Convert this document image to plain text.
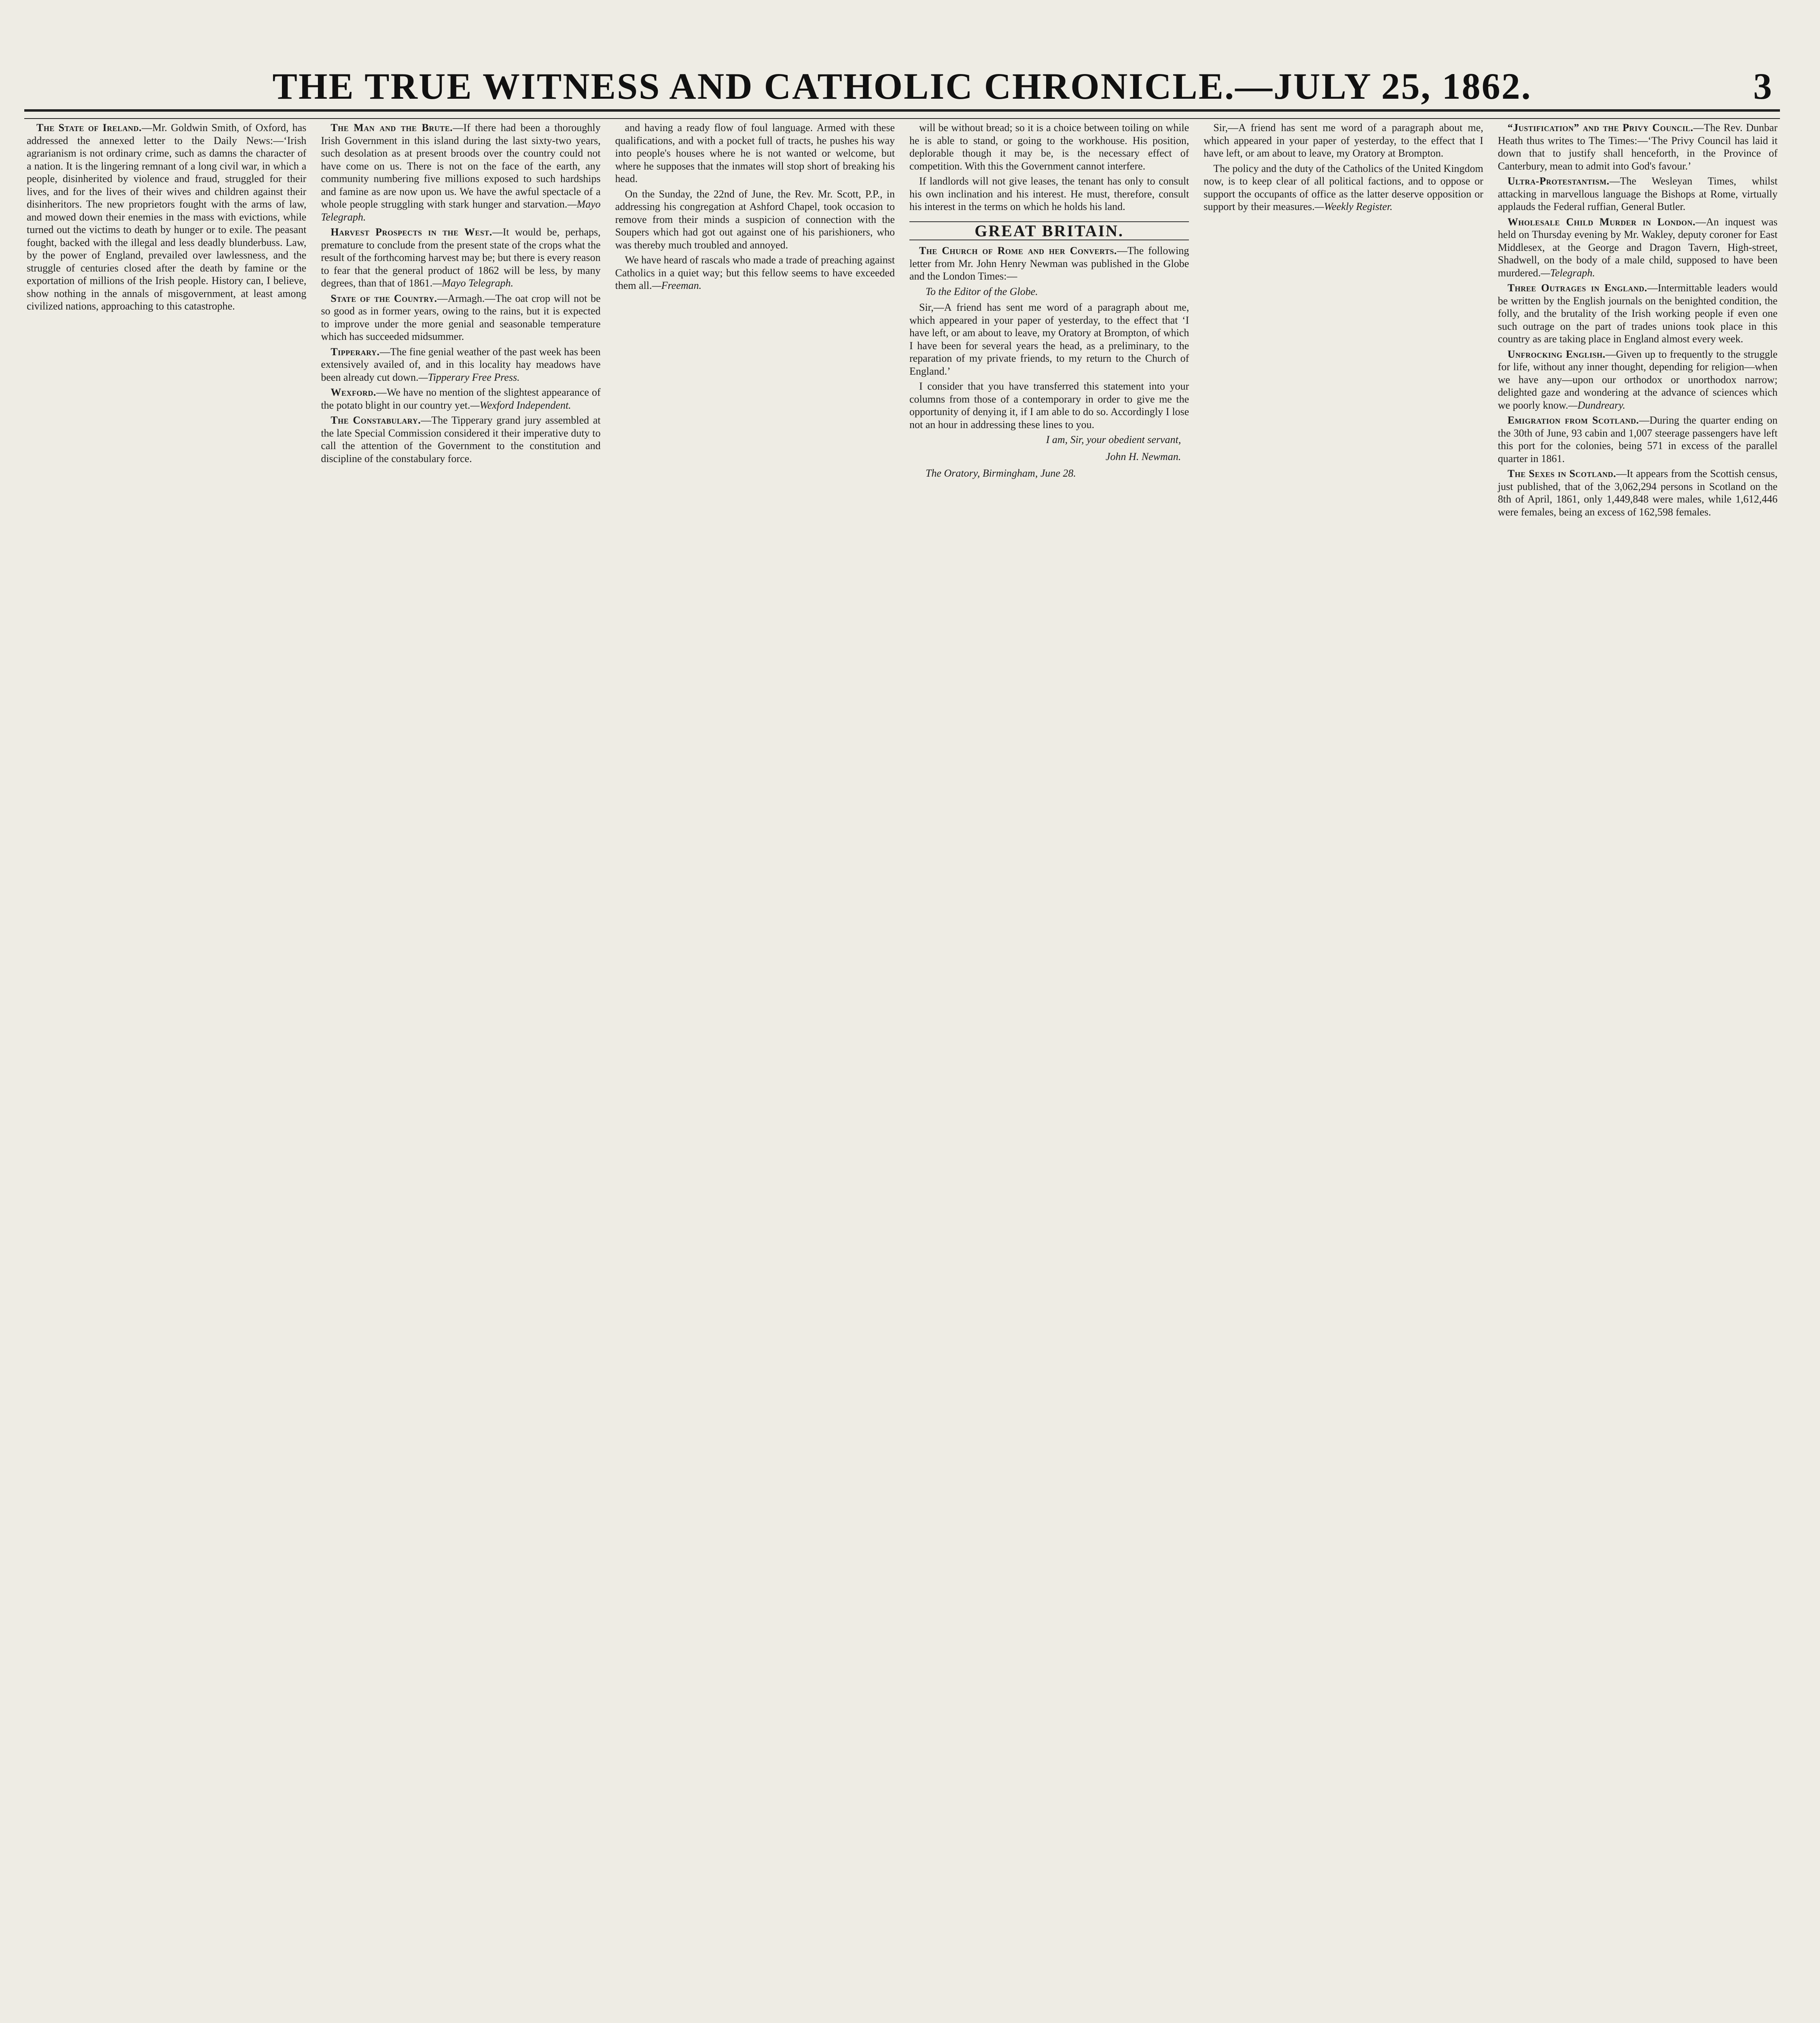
THE TRUE WITNESS AND CATHOLIC CHRONICLE.—JULY 25, 1862.	3

The State of Ireland.—Mr. Goldwin Smith, of Oxford, has addressed the annexed letter to the Daily News:—‘Irish agrarianism is not ordinary crime, such as damns the character of a nation. It is the lingering remnant of a long civil war, in which a people, disinherited by violence and fraud, struggled for their lives, and for the lives of their wives and children against their disinheritors. The new proprietors fought with the arms of law, and mowed down their enemies in the mass with evictions, while turned out the victims to death by hunger or to exile. The peasant fought, backed with the illegal and less deadly blunderbuss. Law, by the power of England, prevailed over lawlessness, and the struggle of centuries closed after the death by famine or the exportation of millions of the Irish people. History can, I believe, show nothing in the annals of misgovernment, at least among civilized nations, approaching to this catastrophe.

The Man and the Brute.—If there had been a thoroughly Irish Government in this island during the last sixty-two years, such desolation as at present broods over the country could not have come on us. There is not on the face of the earth, any community numbering five millions exposed to such hardships and famine as are now upon us. We have the awful spectacle of a whole people struggling with stark hunger and starvation.—Mayo Telegraph.

Harvest Prospects in the West.—It would be, perhaps, premature to conclude from the present state of the crops what the result of the forthcoming harvest may be; but there is every reason to fear that the general product of 1862 will be less, by many degrees, than that of 1861.—Mayo Telegraph.

State of the Country.—Armagh.—The oat crop will not be so good as in former years, owing to the rains, but it is expected to improve under the more genial and seasonable temperature which has succeeded midsummer.

Tipperary.—The fine genial weather of the past week has been extensively availed of, and in this locality hay meadows have been already cut down.—Tipperary Free Press.

Wexford.—We have no mention of the slightest appearance of the potato blight in our country yet.—Wexford Independent.

The Constabulary.—The Tipperary grand jury assembled at the late Special Commission considered it their imperative duty to call the attention of the Government to the constitution and discipline of the constabulary force.

and having a ready flow of foul language. Armed with these qualifications, and with a pocket full of tracts, he pushes his way into people's houses where he is not wanted or welcome, but where he supposes that the inmates will stop short of breaking his head.

On the Sunday, the 22nd of June, the Rev. Mr. Scott, P.P., in addressing his congregation at Ashford Chapel, took occasion to remove from their minds a suspicion of connection with the Soupers which had got out against one of his parishioners, who was thereby much troubled and annoyed.

We have heard of rascals who made a trade of preaching against Catholics in a quiet way; but this fellow seems to have exceeded them all.—Freeman.

will be without bread; so it is a choice between toiling on while he is able to stand, or going to the workhouse. His position, deplorable though it may be, is the necessary effect of competition. With this the Government cannot interfere.

If landlords will not give leases, the tenant has only to consult his own inclination and his interest. He must, therefore, consult his interest in the terms on which he holds his land.

GREAT BRITAIN.

The Church of Rome and her Converts.—The following letter from Mr. John Henry Newman was published in the Globe and the London Times:—

To the Editor of the Globe.

Sir,—A friend has sent me word of a paragraph about me, which appeared in your paper of yesterday, to the effect that ‘I have left, or am about to leave, my Oratory at Brompton, of which I have been for several years the head, as a preliminary, to the reparation of my private friends, to my return to the Church of England.’

I consider that you have transferred this statement into your columns from those of a contemporary in order to give me the opportunity of denying it, if I am able to do so. Accordingly I lose not an hour in addressing these lines to you.

I am, Sir, your obedient servant,

John H. Newman.

The Oratory, Birmingham, June 28.

Sir,—A friend has sent me word of a paragraph about me, which appeared in your paper of yesterday, to the effect that I have left, or am about to leave, my Oratory at Brompton.

The policy and the duty of the Catholics of the United Kingdom now, is to keep clear of all political factions, and to oppose or support the occupants of office as the latter deserve opposition or support by their measures.—Weekly Register.

“Justification” and the Privy Council.—The Rev. Dunbar Heath thus writes to The Times:—‘The Privy Council has laid it down that to justify shall henceforth, in the Province of Canterbury, mean to admit into God's favour.’

Ultra-Protestantism.—The Wesleyan Times, whilst attacking in marvellous language the Bishops at Rome, virtually applauds the Federal ruffian, General Butler.

Wholesale Child Murder in London.—An inquest was held on Thursday evening by Mr. Wakley, deputy coroner for East Middlesex, at the George and Dragon Tavern, High-street, Shadwell, on the body of a male child, supposed to have been murdered.—Telegraph.

Three Outrages in England.—Intermittable leaders would be written by the English journals on the benighted condition, the folly, and the brutality of the Irish working people if even one such outrage on the part of trades unions took place in this country as are taking place in England almost every week.

Unfrocking English.—Given up to frequently to the struggle for life, without any inner thought, depending for religion—when we have any—upon our orthodox or unorthodox narrow; delighted gaze and wondering at the advance of sciences which we poorly know.—Dundreary.

Emigration from Scotland.—During the quarter ending on the 30th of June, 93 cabin and 1,007 steerage passengers have left this port for the colonies, being 571 in excess of the parallel quarter in 1861.

The Sexes in Scotland.—It appears from the Scottish census, just published, that of the 3,062,294 persons in Scotland on the 8th of April, 1861, only 1,449,848 were males, while 1,612,446 were females, being an excess of 162,598 females.
